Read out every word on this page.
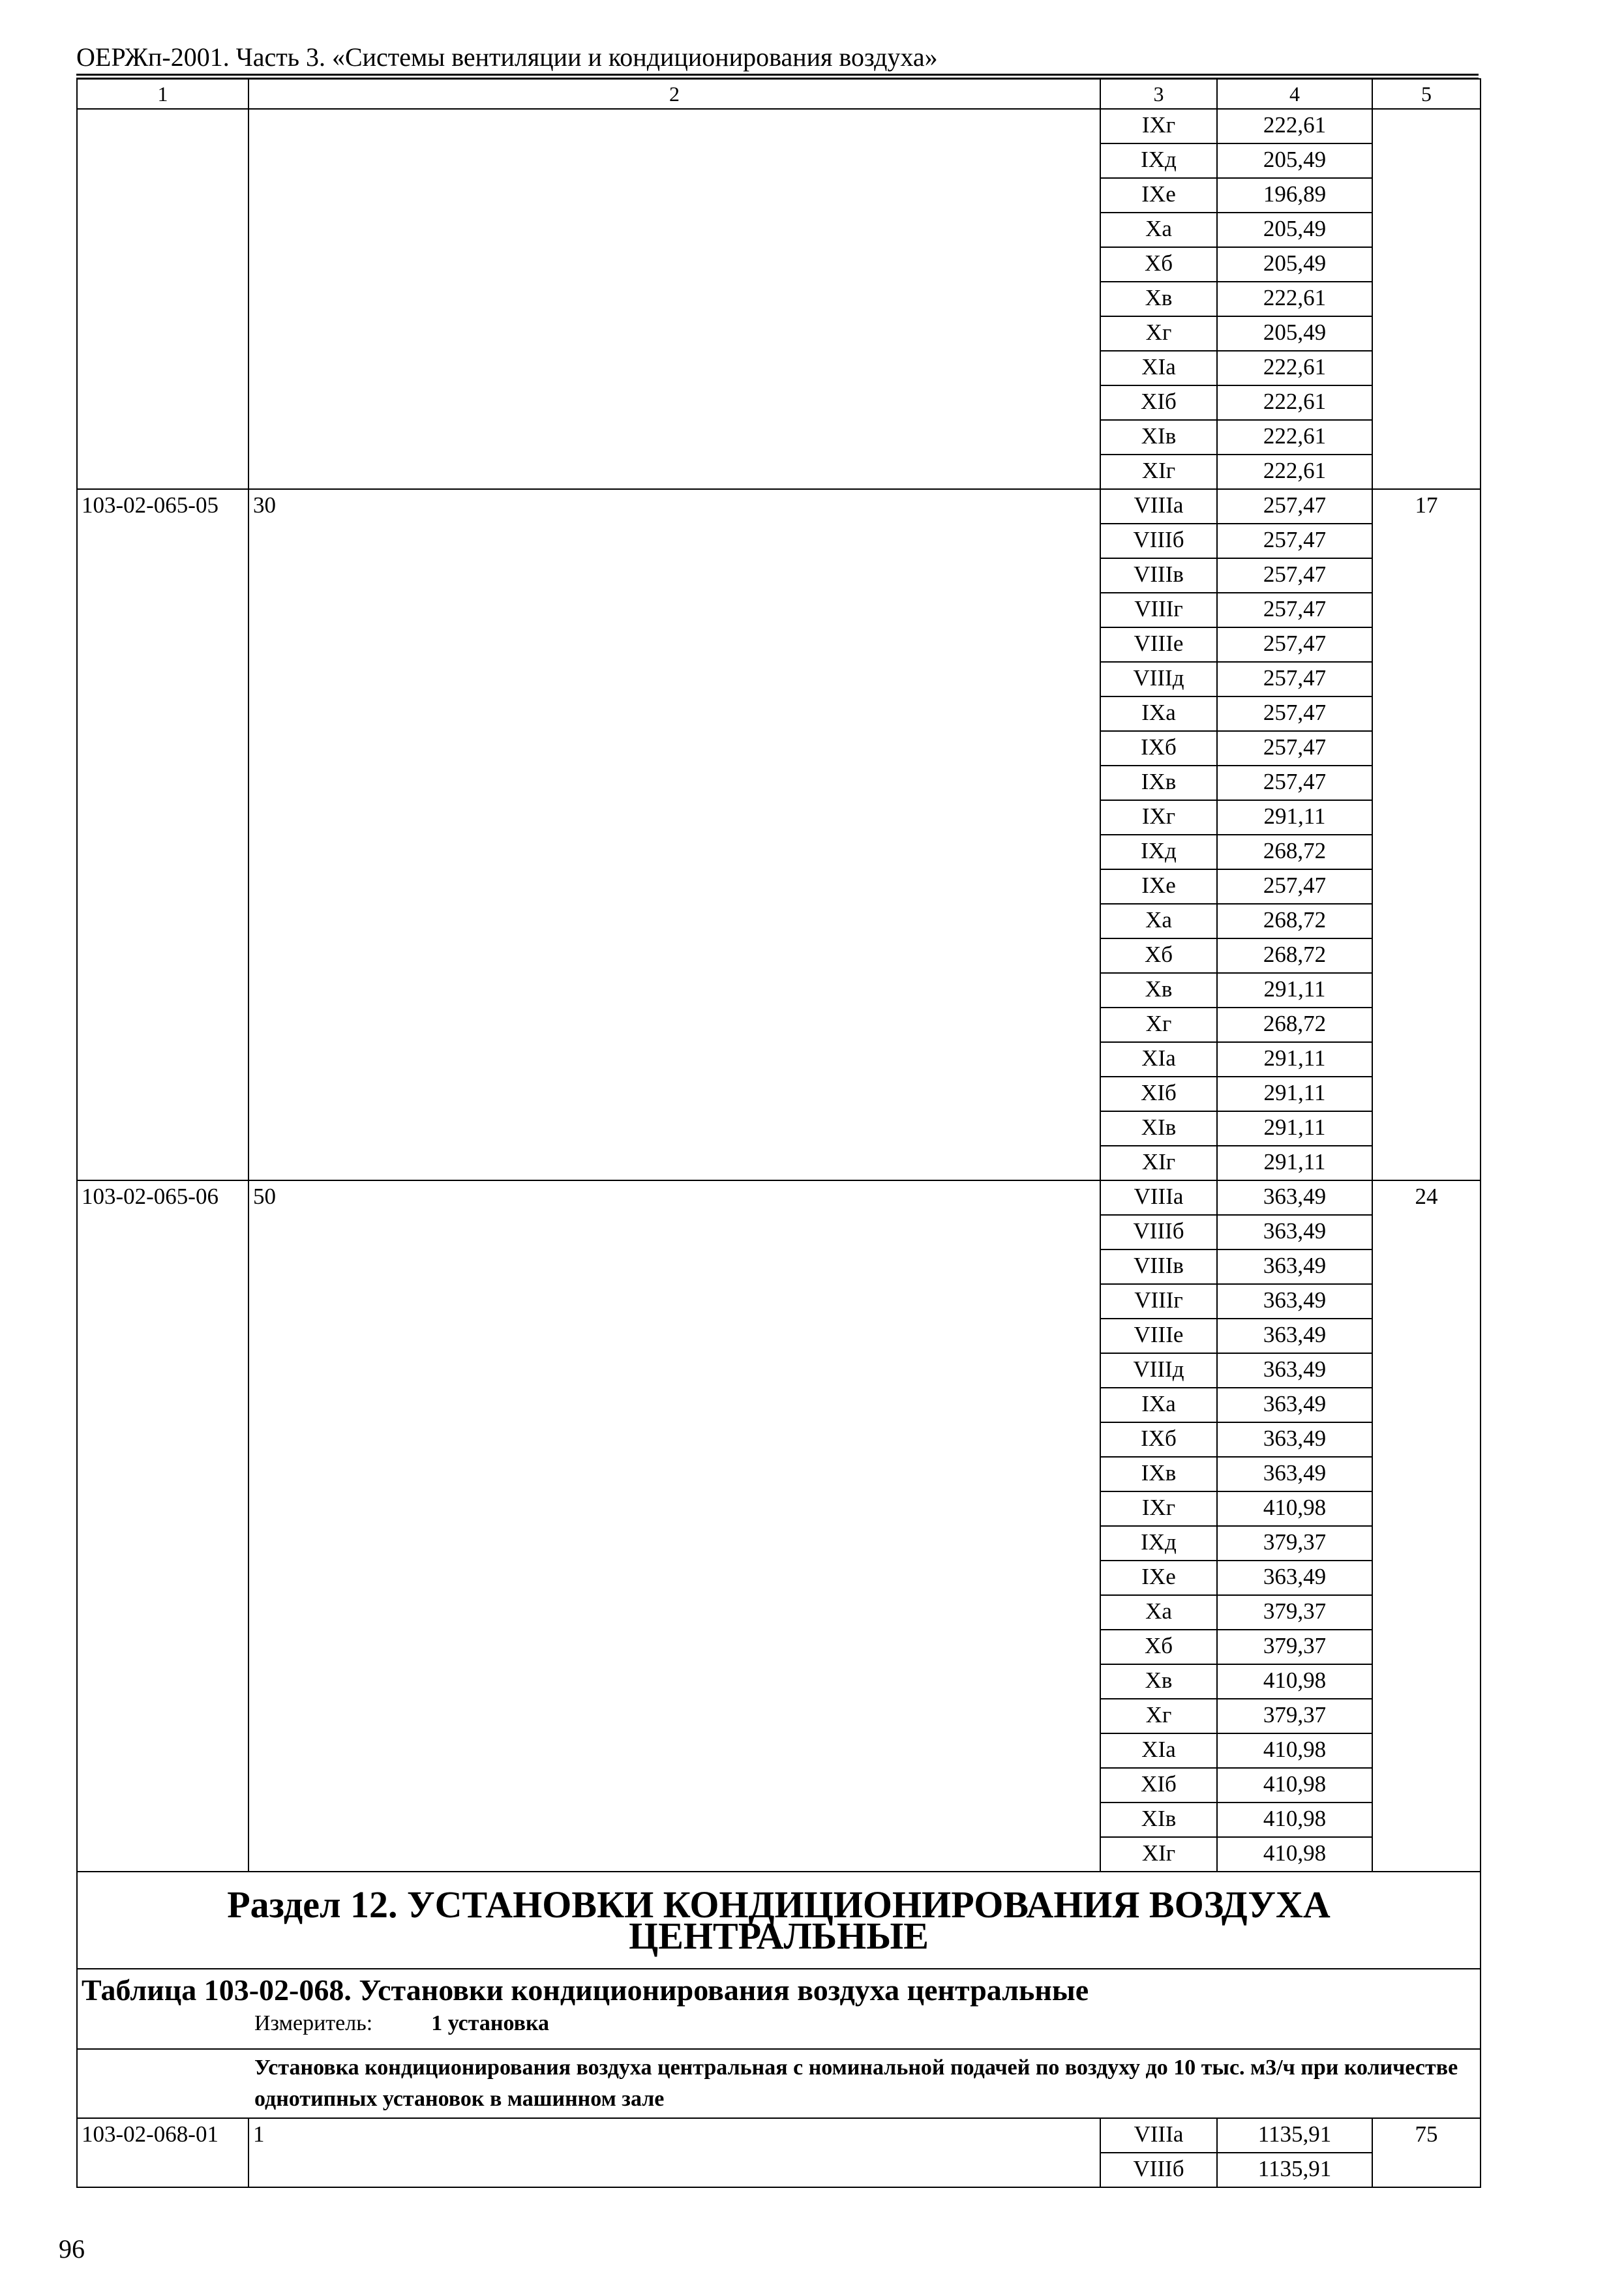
ОЕРЖп-2001. Часть 3. «Системы вентиляции и кондиционирования воздуха»
1	2	3	4	5
		IXг	222,61	
		IXд	205,49	
		IXе	196,89	
		Xа	205,49	
		Xб	205,49	
		Xв	222,61	
		Xг	205,49	
		XIа	222,61	
		XIб	222,61	
		XIв	222,61	
		XIг	222,61	
103-02-065-05	30	VIIIа	257,47	17
		VIIIб	257,47	
		VIIIв	257,47	
		VIIIг	257,47	
		VIIIе	257,47	
		VIIIд	257,47	
		IXа	257,47	
		IXб	257,47	
		IXв	257,47	
		IXг	291,11	
		IXд	268,72	
		IXе	257,47	
		Xа	268,72	
		Xб	268,72	
		Xв	291,11	
		Xг	268,72	
		XIа	291,11	
		XIб	291,11	
		XIв	291,11	
		XIг	291,11	
103-02-065-06	50	VIIIа	363,49	24
		VIIIб	363,49	
		VIIIв	363,49	
		VIIIг	363,49	
		VIIIе	363,49	
		VIIIд	363,49	
		IXа	363,49	
		IXб	363,49	
		IXв	363,49	
		IXг	410,98	
		IXд	379,37	
		IXе	363,49	
		Xа	379,37	
		Xб	379,37	
		Xв	410,98	
		Xг	379,37	
		XIа	410,98	
		XIб	410,98	
		XIв	410,98	
		XIг	410,98	
Раздел 12. УСТАНОВКИ КОНДИЦИОНИРОВАНИЯ ВОЗДУХА ЦЕНТРАЛЬНЫЕ				

Таблица 103-02-068. Установки кондиционирования воздуха центральные
Измеритель: 1 установка				

Установка кондиционирования воздуха центральная с номинальной подачей по воздуху до 10 тыс. м3/ч при количестве однотипных установок в машинном зале				

103-02-068-01	1	VIIIа	1135,91	75
		VIIIб	1135,91	
96
